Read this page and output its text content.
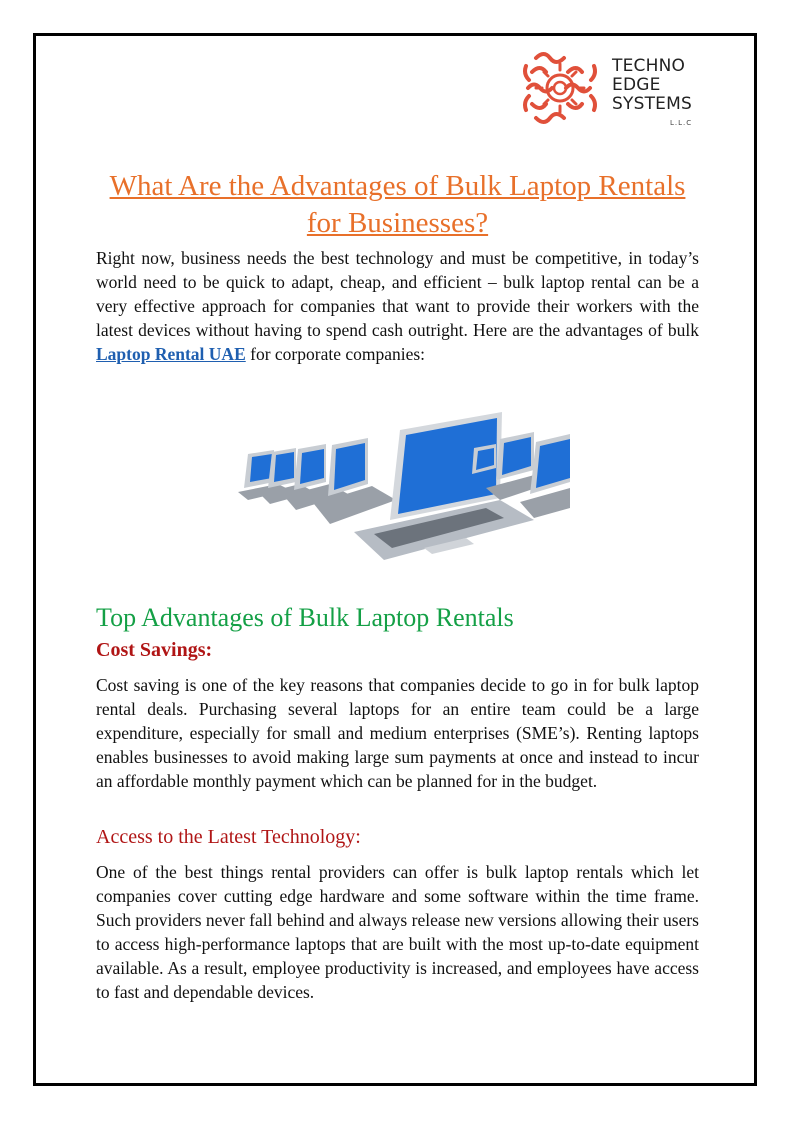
TECHNO
EDGE
SYSTEMS
L.L.C
What Are the Advantages of Bulk Laptop Rentals for Businesses?

Right now, business needs the best technology and must be competitive, in today’s world need to be quick to adapt, cheap, and efficient – bulk laptop rental can be a very effective approach for companies that want to provide their workers with the latest devices without having to spend cash outright. Here are the advantages of bulk Laptop Rental UAE for corporate companies:

Top Advantages of Bulk Laptop Rentals
Cost Savings:

Cost saving is one of the key reasons that companies decide to go in for bulk laptop rental deals. Purchasing several laptops for an entire team could be a large expenditure, especially for small and medium enterprises (SME’s). Renting laptops enables businesses to avoid making large sum payments at once and instead to incur an affordable monthly payment which can be planned for in the budget.

Access to the Latest Technology:

One of the best things rental providers can offer is bulk laptop rentals which let companies cover cutting edge hardware and some software within the time frame. Such providers never fall behind and always release new versions allowing their users to access high-performance laptops that are built with the most up-to-date equipment available. As a result, employee productivity is increased, and employees have access to fast and dependable devices.
